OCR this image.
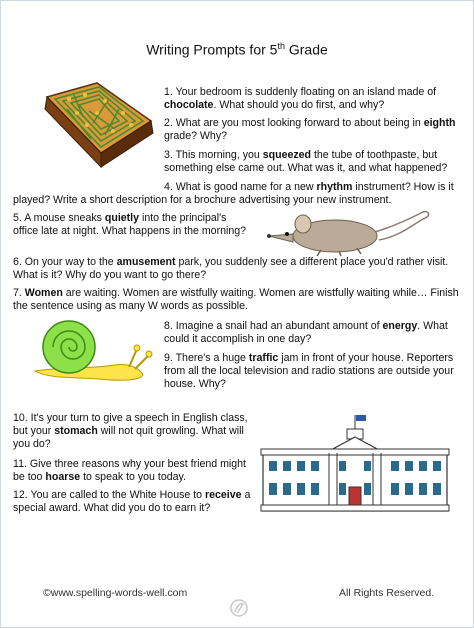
Writing Prompts for 5th Grade
1. Your bedroom is suddenly floating on an island made of chocolate. What should you do first, and why?
2. What are you most looking forward to about being in eighth grade? Why?
3. This morning, you squeezed the tube of toothpaste, but something else came out. What was it, and what happened?
4. What is good name for a new rhythm instrument? How is it played? Write a short description for a brochure advertising your new instrument.
5. A mouse sneaks quietly into the principal's office late at night. What happens in the morning?
6. On your way to the amusement park, you suddenly see a different place you'd rather visit. What is it? Why do you want to go there?
7. Women are waiting. Women are wistfully waiting. Women are wistfully waiting while… Finish the sentence using as many W words as possible.
8. Imagine a snail had an abundant amount of energy. What could it accomplish in one day?
9. There's a huge traffic jam in front of your house. Reporters from all the local television and radio stations are outside your house. Why?
10. It's your turn to give a speech in English class, but your stomach will not quit growling. What will you do?
11. Give three reasons why your best friend might be too hoarse to speak to you today.
12. You are called to the White House to receive a special award. What did you do to earn it?
©www.spelling-words-well.com	All Rights Reserved.
